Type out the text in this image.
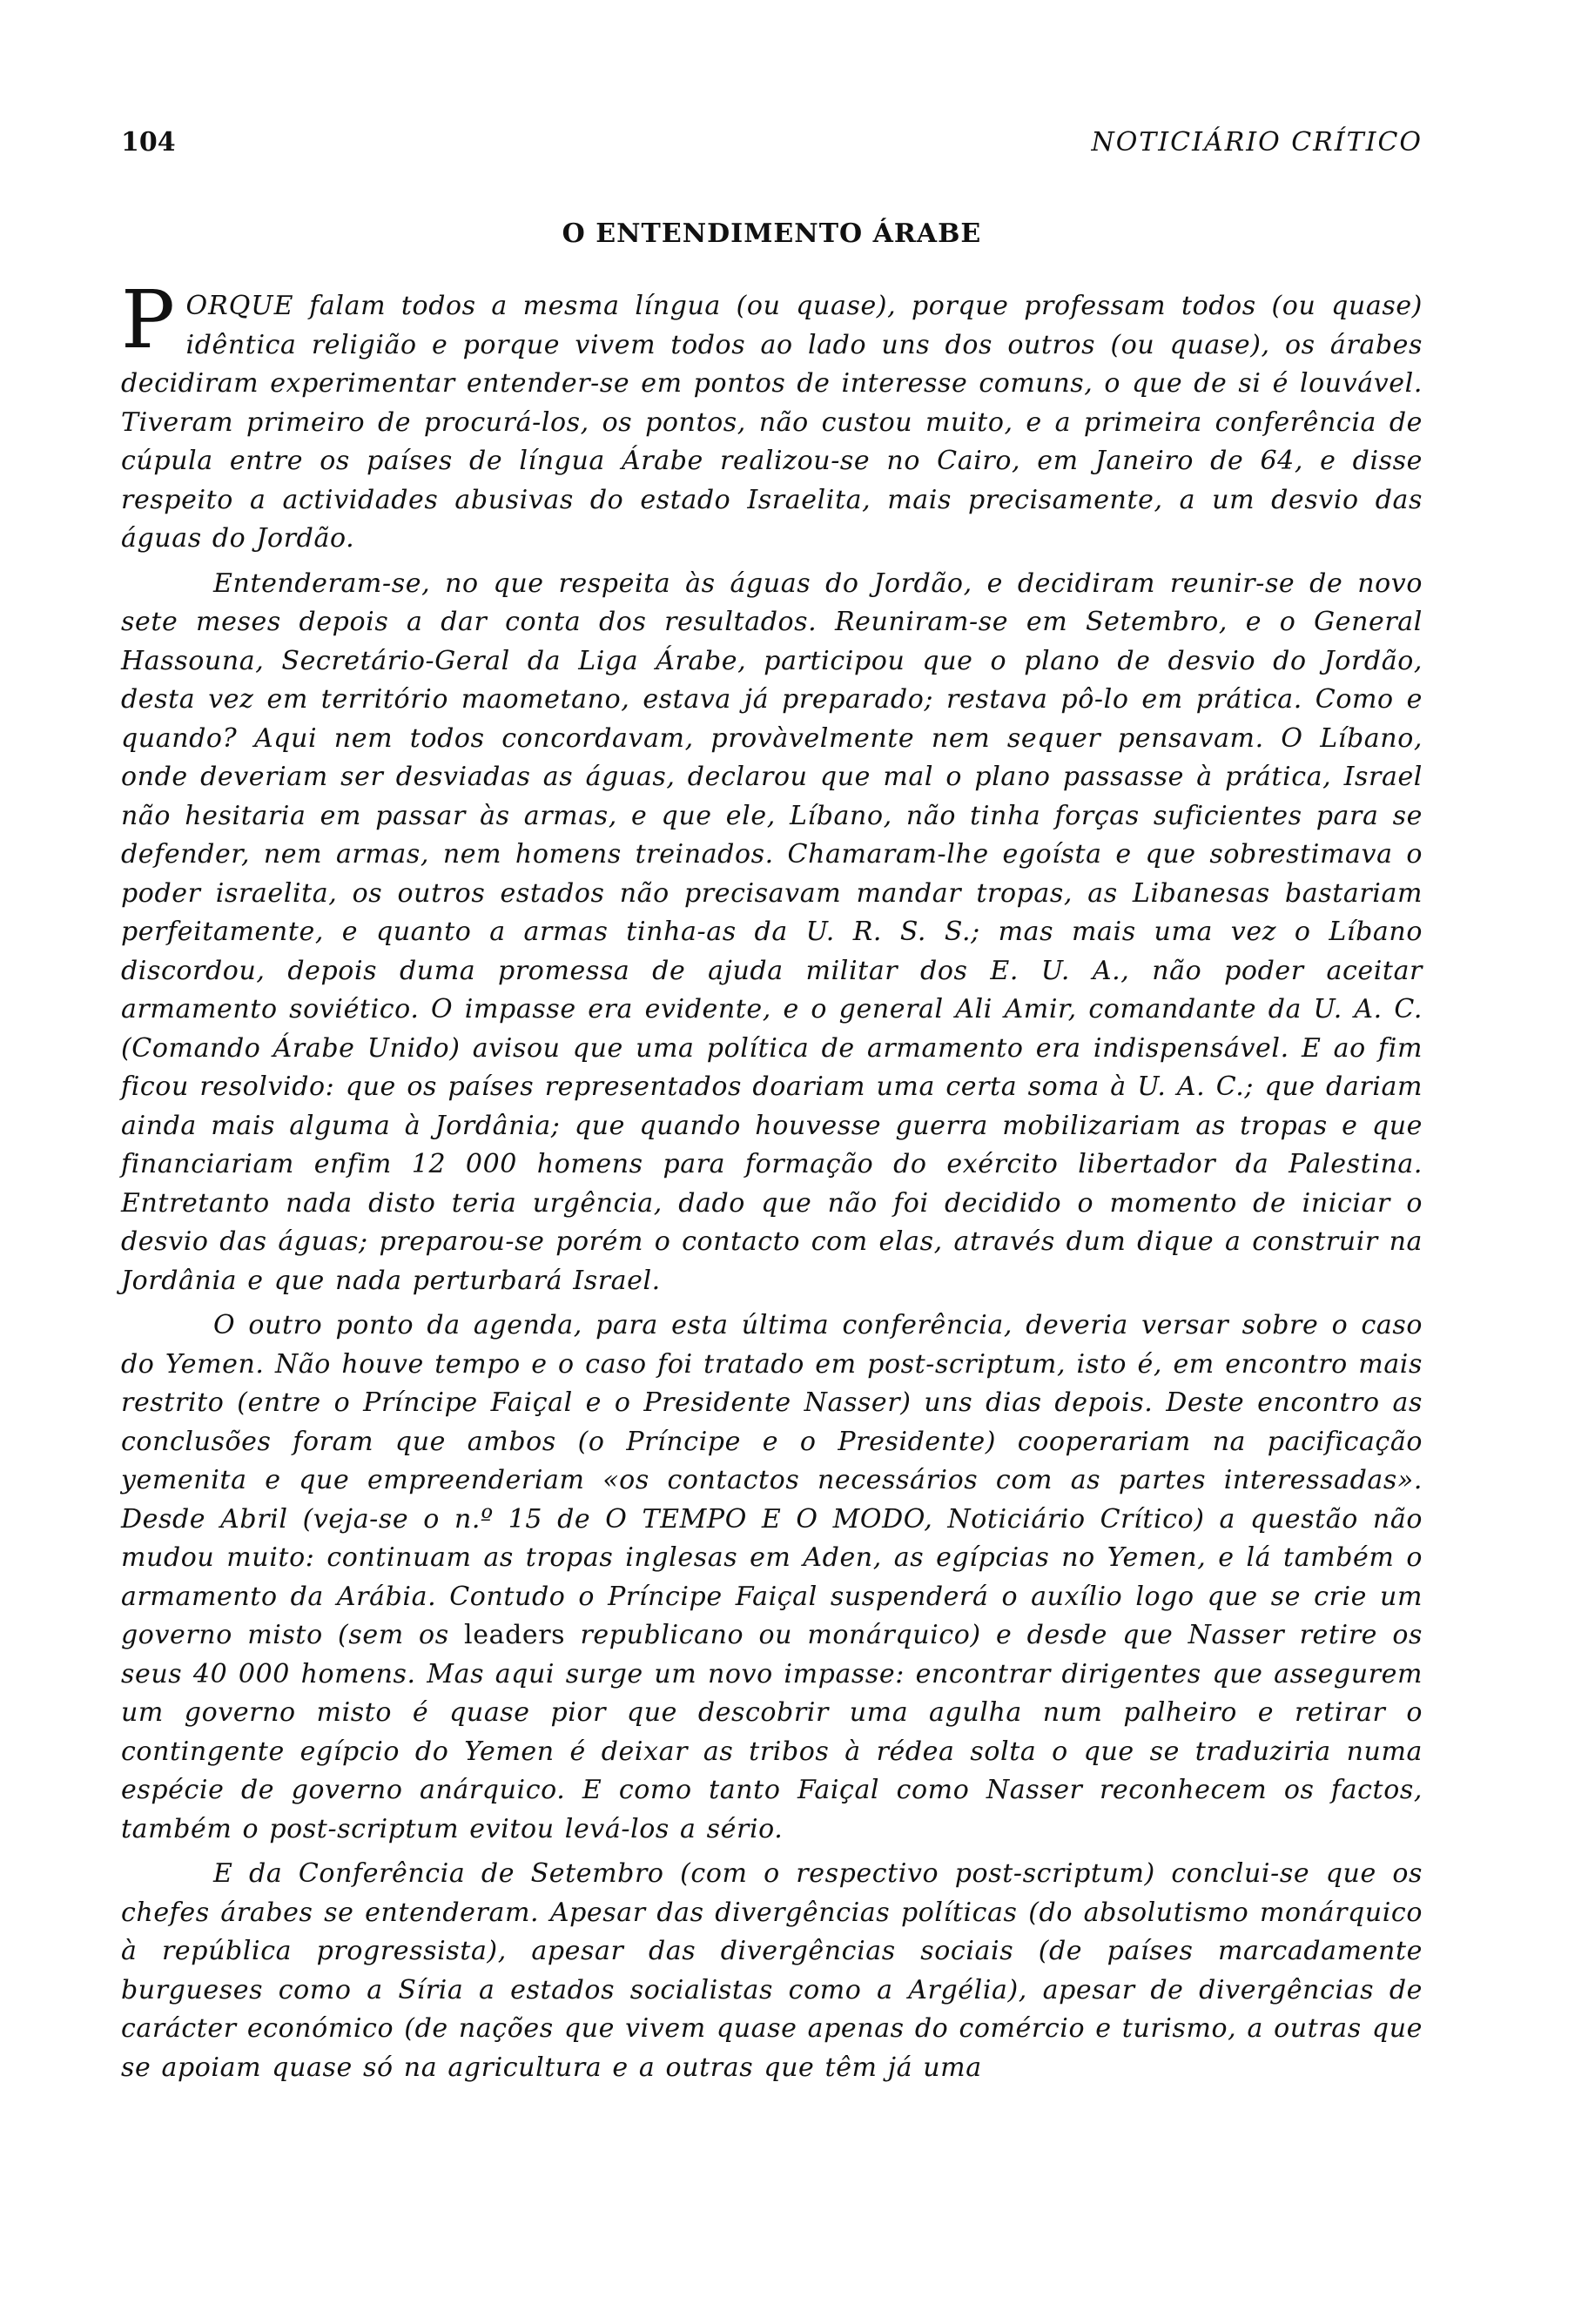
104	NOTICIÁRIO CRÍTICO
O ENTENDIMENTO ÁRABE

PORQUE falam todos a mesma língua (ou quase), porque professam todos (ou quase) idêntica religião e porque vivem todos ao lado uns dos outros (ou quase), os árabes decidiram experimentar entender-se em pontos de interesse comuns, o que de si é louvável. Tiveram primeiro de procurá-los, os pontos, não custou muito, e a primeira conferência de cúpula entre os países de língua Árabe realizou-se no Cairo, em Janeiro de 64, e disse respeito a actividades abusivas do estado Israelita, mais precisamente, a um desvio das águas do Jordão.

Entenderam-se, no que respeita às águas do Jordão, e decidiram reunir-se de novo sete meses depois a dar conta dos resultados. Reuniram-se em Setembro, e o General Hassouna, Secretário-Geral da Liga Árabe, participou que o plano de desvio do Jordão, desta vez em território maometano, estava já preparado; restava pô-lo em prática. Como e quando? Aqui nem todos concordavam, provàvelmente nem sequer pensavam. O Líbano, onde deveriam ser desviadas as águas, declarou que mal o plano passasse à prática, Israel não hesitaria em passar às armas, e que ele, Líbano, não tinha forças suficientes para se defender, nem armas, nem homens treinados. Chamaram-lhe egoísta e que sobrestimava o poder israelita, os outros estados não precisavam mandar tropas, as Libanesas bastariam perfeitamente, e quanto a armas tinha-as da U. R. S. S.; mas mais uma vez o Líbano discordou, depois duma promessa de ajuda militar dos E. U. A., não poder aceitar armamento soviético. O impasse era evidente, e o general Ali Amir, comandante da U. A. C. (Comando Árabe Unido) avisou que uma política de armamento era indispensável. E ao fim ficou resolvido: que os países representados doariam uma certa soma à U. A. C.; que dariam ainda mais alguma à Jordânia; que quando houvesse guerra mobilizariam as tropas e que financiariam enfim 12 000 homens para formação do exército libertador da Palestina. Entretanto nada disto teria urgência, dado que não foi decidido o momento de iniciar o desvio das águas; preparou-se porém o contacto com elas, através dum dique a construir na Jordânia e que nada perturbará Israel.

O outro ponto da agenda, para esta última conferência, deveria versar sobre o caso do Yemen. Não houve tempo e o caso foi tratado em post-scriptum, isto é, em encontro mais restrito (entre o Príncipe Faiçal e o Presidente Nasser) uns dias depois. Deste encontro as conclusões foram que ambos (o Príncipe e o Presidente) cooperariam na pacificação yemenita e que empreenderiam «os contactos necessários com as partes interessadas». Desde Abril (veja-se o n.º 15 de O TEMPO E O MODO, Noticiário Crítico) a questão não mudou muito: continuam as tropas inglesas em Aden, as egípcias no Yemen, e lá também o armamento da Arábia. Contudo o Príncipe Faiçal suspenderá o auxílio logo que se crie um governo misto (sem os leaders republicano ou monárquico) e desde que Nasser retire os seus 40 000 homens. Mas aqui surge um novo impasse: encontrar dirigentes que assegurem um governo misto é quase pior que descobrir uma agulha num palheiro e retirar o contingente egípcio do Yemen é deixar as tribos à rédea solta o que se traduziria numa espécie de governo anárquico. E como tanto Faiçal como Nasser reconhecem os factos, também o post-scriptum evitou levá-los a sério.

E da Conferência de Setembro (com o respectivo post-scriptum) conclui-se que os chefes árabes se entenderam. Apesar das divergências políticas (do absolutismo monárquico à república progressista), apesar das divergências sociais (de países marcadamente burgueses como a Síria a estados socialistas como a Argélia), apesar de divergências de carácter económico (de nações que vivem quase apenas do comércio e turismo, a outras que se apoiam quase só na agricultura e a outras que têm já uma
